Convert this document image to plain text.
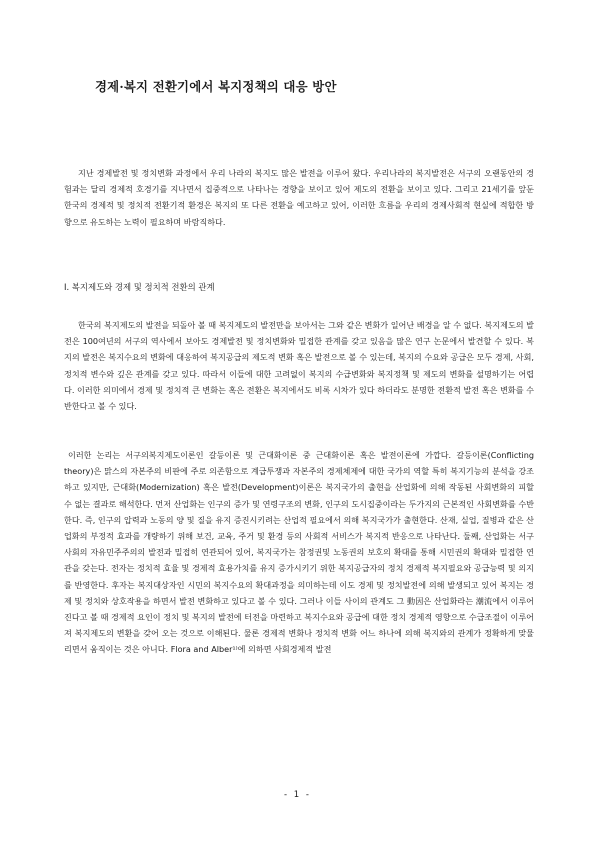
경제·복지 전환기에서 복지정책의 대응 방안

지난 경제발전 및 정치변화 과정에서 우리 나라의 복지도 많은 발전을 이루어 왔다. 우리나라의 복지발전은 서구의 오랜동안의 경험과는 달리 경제적 호경기를 지나면서 집중적으로 나타나는 경향을 보이고 있어 제도의 전환을 보이고 있다. 그리고 21세기를 앞둔 한국의 경제적 및 정치적 전환기적 환경은 복지의 또 다른 전환을 예고하고 있어, 이러한 흐름을 우리의 경제사회적 현실에 적합한 방향으로 유도하는 노력이 필요하며 바람직하다.

Ⅰ. 복지제도와 경제 및 정치적 전환의 관계

한국의 복지제도의 발전을 되돌아 볼 때 복지제도의 발전만을 보아서는 그와 같은 변화가 일어난 배경을 알 수 없다. 복지제도의 발전은 100여년의 서구의 역사에서 보아도 경제발전 및 정치변화와 밀접한 관계를 갖고 있음을 많은 연구 논문에서 발견할 수 있다. 복지의 발전은 복지수요의 변화에 대응하여 복지공급의 제도적 변화 혹은 발전으로 볼 수 있는데, 복지의 수요와 공급은 모두 경제, 사회, 정치적 변수와 깊은 관계를 갖고 있다. 따라서 이들에 대한 고려없이 복지의 수급변화와 복지정책 및 제도의 변화를 설명하기는 어렵다. 이러한 의미에서 경제 및 정치적 큰 변화는 혹은 전환은 복지에서도 비록 시차가 있다 하더라도 분명한 전환적 발전 혹은 변화를 수반한다고 볼 수 있다.

이러한 논리는 서구의복지제도이론인 갈등이론 및 근대화이론 중 근대화이론 혹은 발전이론에 가깝다. 갈등이론(Conflicting theory)은 맑스의 자본주의 비판에 주로 의존함으로 계급투쟁과 자본주의 경제체제에 대한 국가의 역할 특히 복지기능의 분석을 강조하고 있지만, 근대화(Modernization) 혹은 발전(Development)이론은 복지국가의 출현을 산업화에 의해 작동된 사회변화의 피할 수 없는 결과로 해석한다. 먼저 산업화는 인구의 증가 및 연령구조의 변화, 인구의 도시집중이라는 두가지의 근본적인 사회변화를 수반한다. 즉, 인구의 압력과 노동의 양 및 질을 유지 증진시키려는 산업적 필요에서 의해 복지국가가 출현한다. 산재, 실업, 질병과 같은 산업화의 부정적 효과를 개량하기 위해 보건, 교육, 주거 및 환경 등의 사회적 서비스가 복지적 반응으로 나타난다. 둘째, 산업화는 서구사회의 자유민주주의의 발전과 밀접히 연관되어 있어, 복지국가는 참정권및 노동권의 보호의 확대를 통해 시민권의 확대와 밀접한 연관을 갖는다. 전자는 정치적 효율 및 경제적 효용가치를 유지 증가시키기 위한 복지공급자의 정치 경제적 복지필요와 공급능력 및 의지를 반영한다. 후자는 복지대상자인 시민의 복지수요의 확대과정을 의미하는데 이도 경제 및 정치발전에 의해 발생되고 있어 복지는 경제 및 정치와 상호작용을 하면서 발전 변화하고 있다고 볼 수 있다. 그러나 이들 사이의 관계도 그 動因은 산업화라는 潮流에서 이루어진다고 볼 때 경제적 요인이 정치 및 복지의 발전에 터전을 마련하고 복지수요와 공급에 대한 정치 경제적 영향으로 수급조절이 이루어져 복지제도의 변환을 갖어 오는 것으로 이해된다. 물론 경제적 변화나 정치적 변화 어느 하나에 의해 복지와의 관계가 정확하게 맞물리면서 움직이는 것은 아니다. Flora and Alber¹⁾에 의하면 사회경제적 발전

- 1 -
